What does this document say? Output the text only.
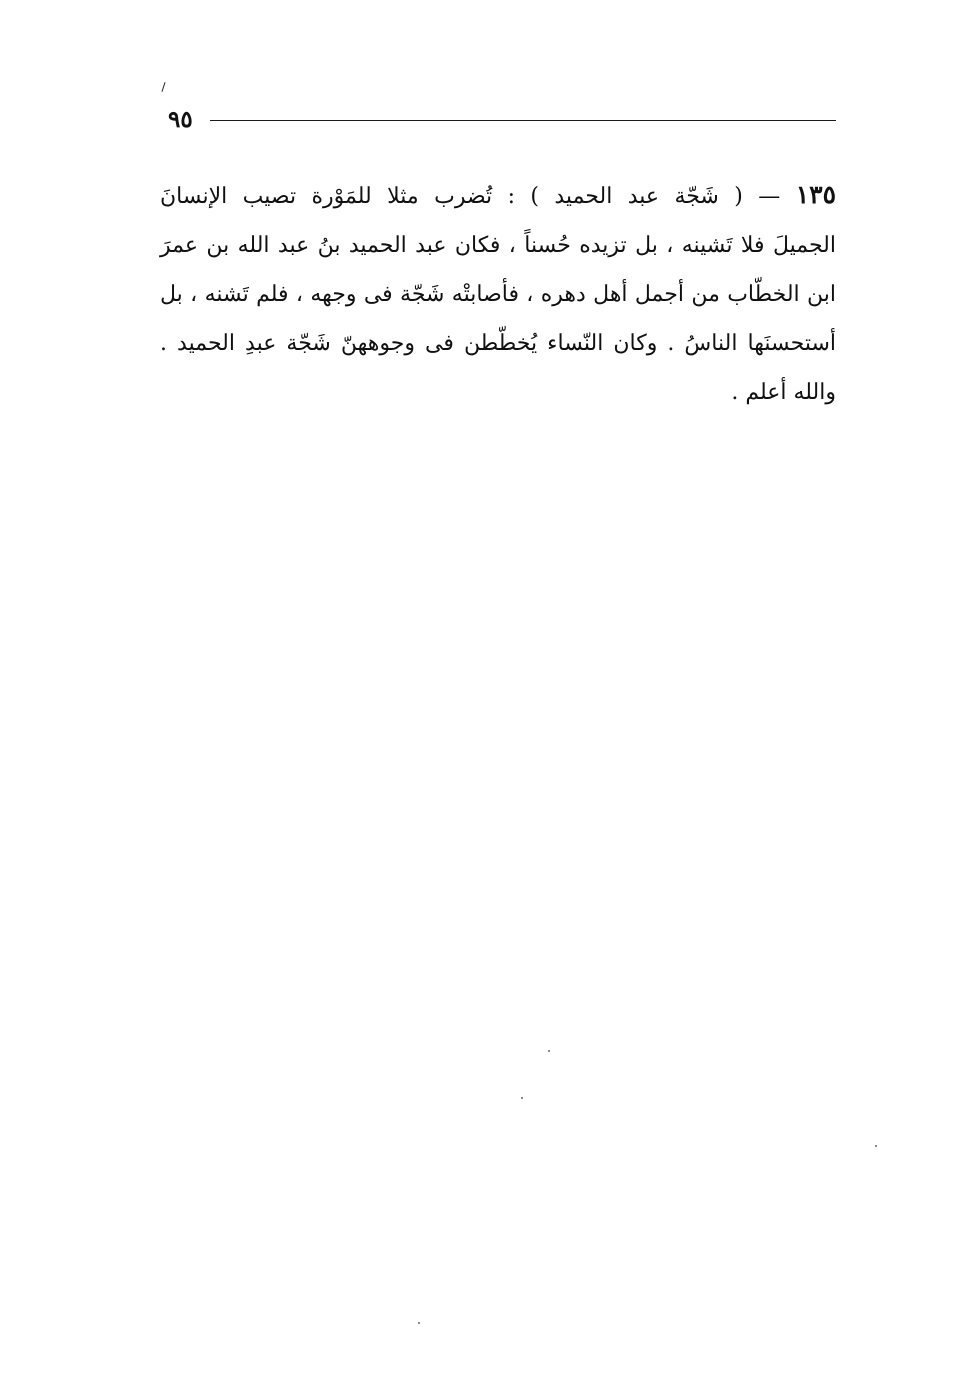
٩٥
١٣٥ — ( شَجّة عبد الحميد ) : تُضرب مثلا للمَوْرة تصيب الإنسانَ
الجميلَ فلا تَشينه ، بل تزيده حُسناً ، فكان عبد الحميد بنُ عبد الله بن عمرَ
ابن الخطّاب من أجمل أهل دهره ، فأصابتْه شَجّة فى وجهه ، فلم تَشنه ، بل
أستحسنَها الناسُ . وكان النّساء يُخطّطن فى وجوههنّ شَجّة عبدِ الحميد .
والله أعلم .
